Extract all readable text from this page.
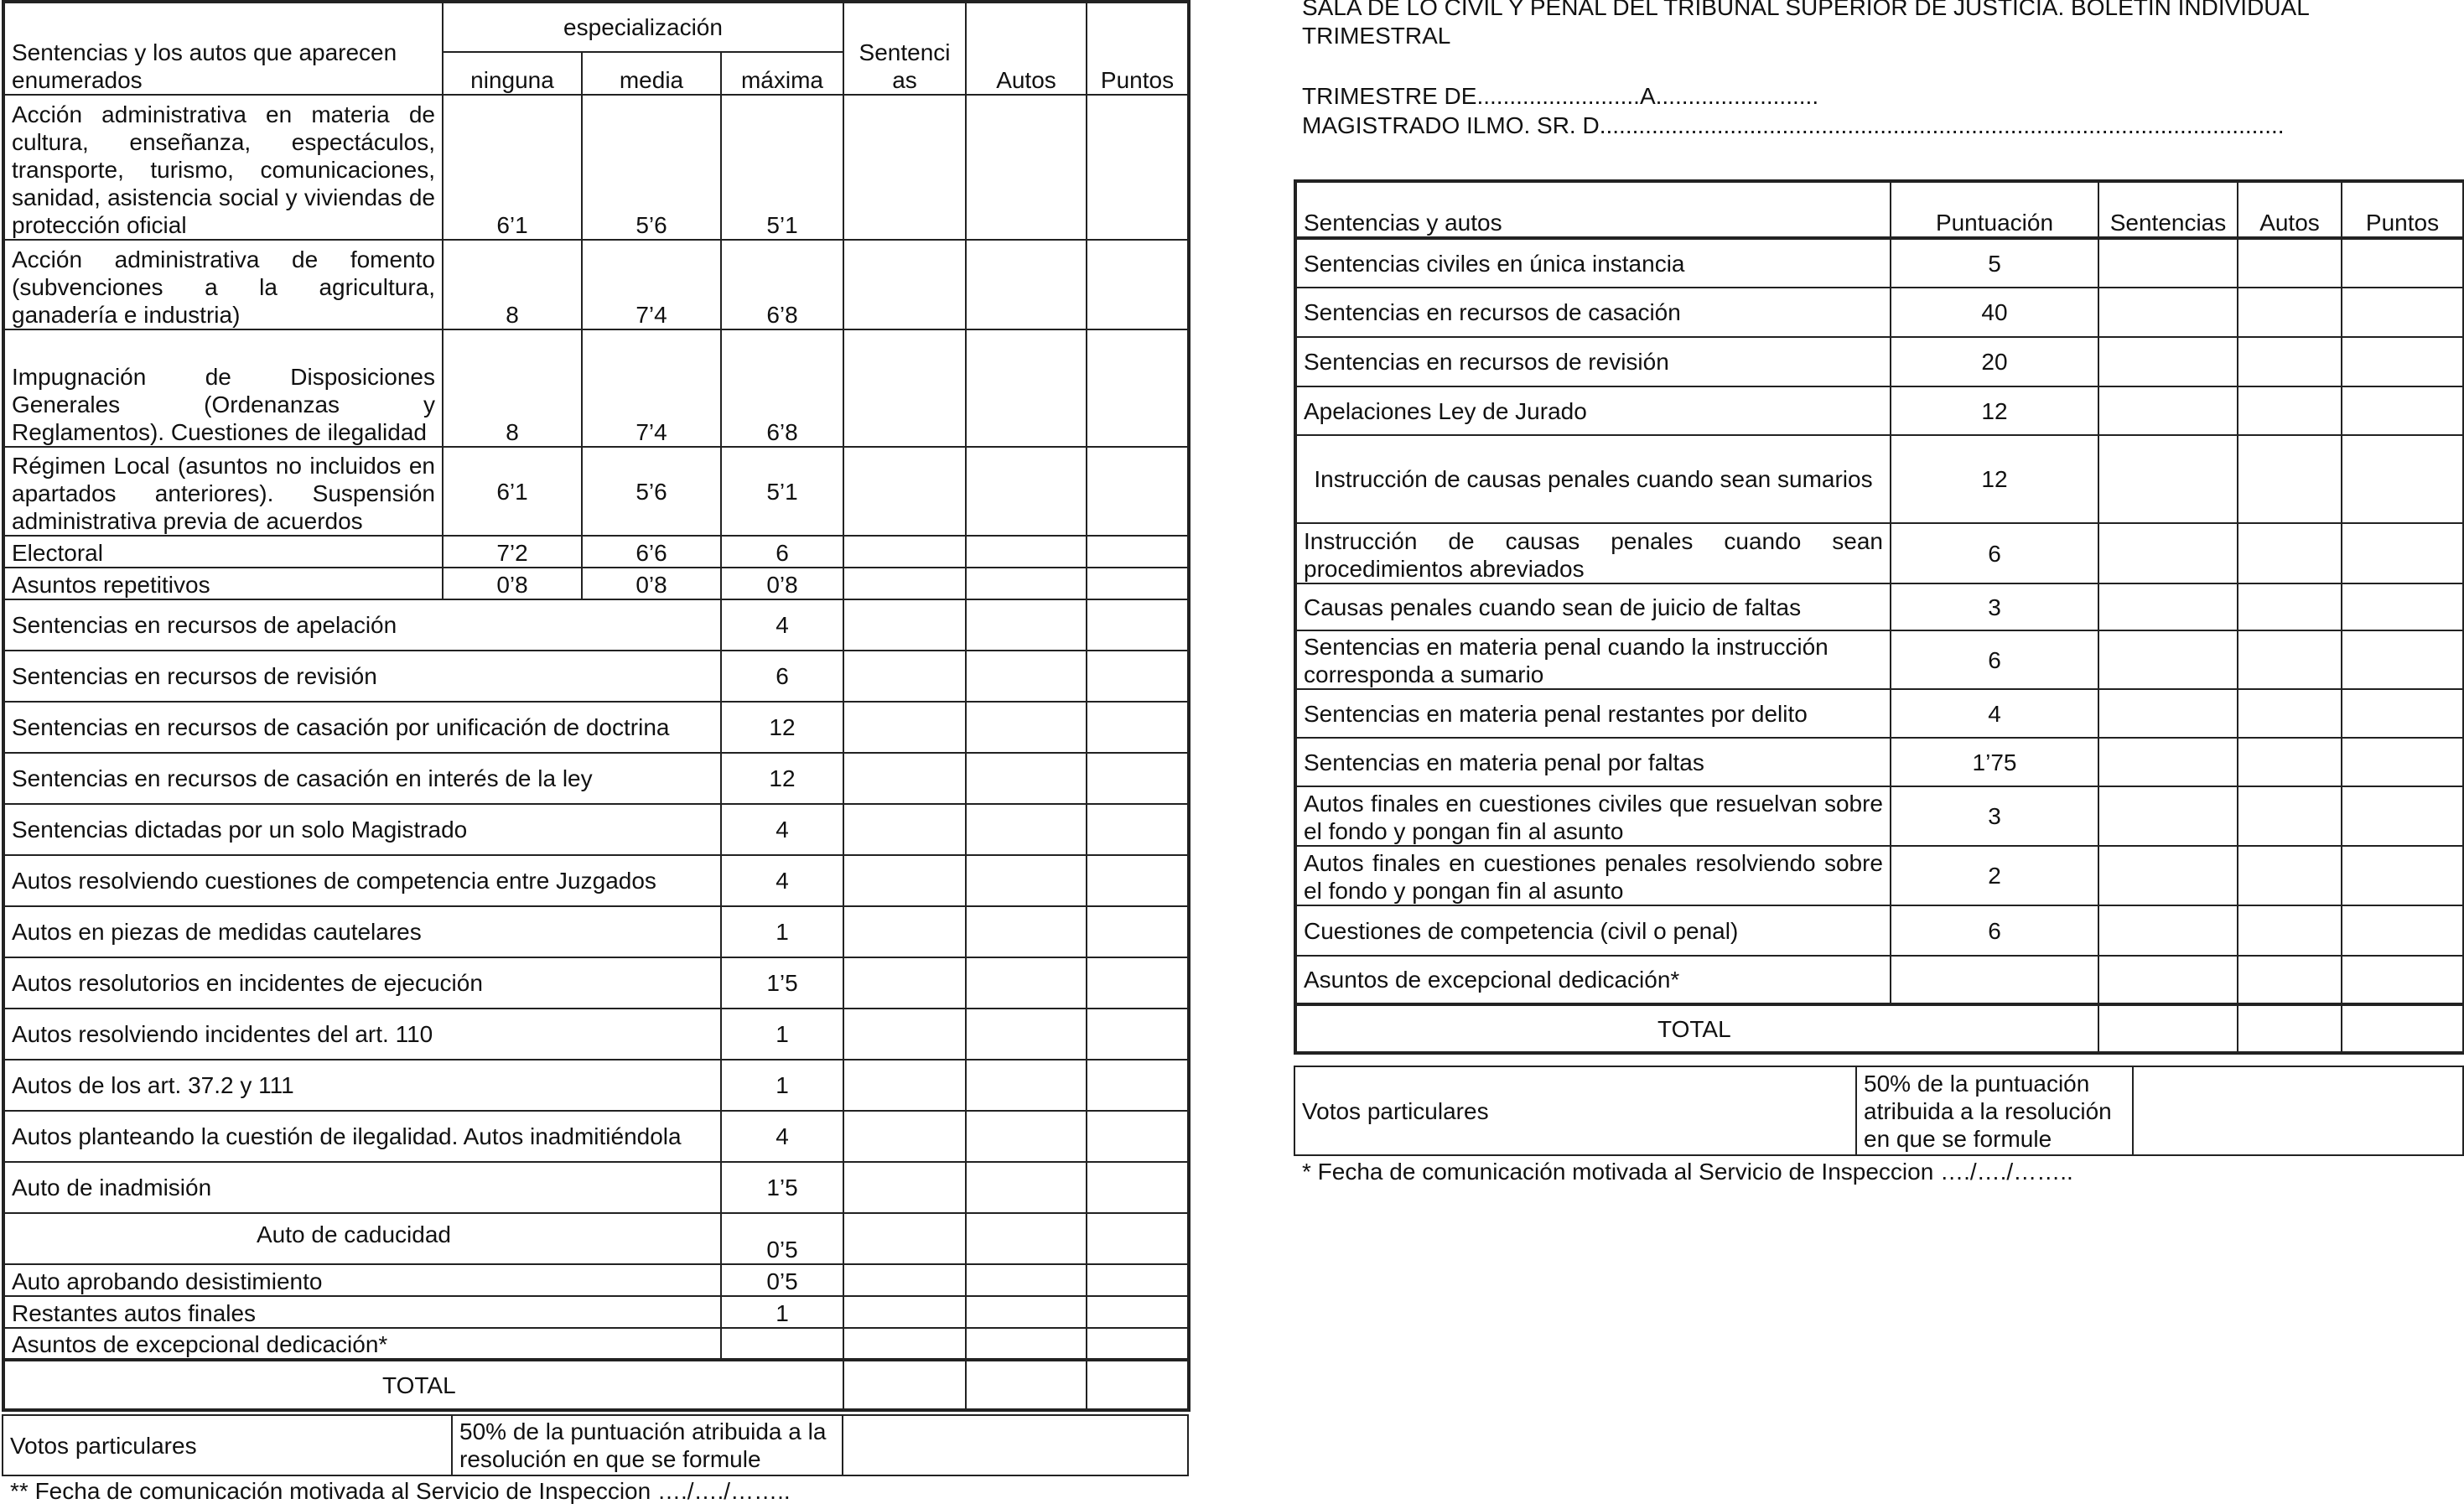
Sentencias y los autos que aparecen enumerados	especialización			Sentenci as	Autos	Puntos
	ninguna	media	máxima			
Acción administrativa en materia de cultura, enseñanza, espectáculos, transporte, turismo, comunicaciones, sanidad, asistencia social y viviendas de protección oficial	6’1	5’6	5’1			
Acción administrativa de fomento (subvenciones a la agricultura, ganadería e industria)	8	7’4	6’8			
Impugnación de Disposiciones Generales (Ordenanzas y Reglamentos). Cuestiones de ilegalidad	8	7’4	6’8			
Régimen Local (asuntos no incluidos en apartados anteriores). Suspensión administrativa previa de acuerdos	6’1	5’6	5’1			
Electoral	7’2	6’6	6			
Asuntos repetitivos	0’8	0’8	0’8			
Sentencias en recursos de apelación			4			
Sentencias en recursos de revisión			6			
Sentencias en recursos de casación por unificación de doctrina			12			
Sentencias en recursos de casación en interés de la ley			12			
Sentencias dictadas por un solo Magistrado			4			
Autos resolviendo cuestiones de competencia entre Juzgados			4			
Autos en piezas de medidas cautelares			1			
Autos resolutorios en incidentes de ejecución			1’5			
Autos resolviendo incidentes del art. 110			1			
Autos de los art. 37.2 y 111			1			
Autos planteando la cuestión de ilegalidad. Autos inadmitiéndola			4			
Auto de inadmisión			1’5			
Auto de caducidad			0’5			
Auto aprobando desistimiento			0’5			
Restantes autos finales			1			
Asuntos de excepcional dedicación*						
TOTAL						
Votos particulares	50% de la puntuación atribuida a la resolución en que se formule	
** Fecha de comunicación motivada al Servicio de Inspeccion …./…./……..
SALA DE LO CIVIL Y PENAL DEL TRIBUNAL SUPERIOR DE JUSTICIA. BOLETIN INDIVIDUAL
TRIMESTRAL
TRIMESTRE DE.........................A.........................
MAGISTRADO ILMO. SR. D.........................................................................................................
Sentencias y autos	Puntuación	Sentencias	Autos	Puntos
Sentencias civiles en única instancia	5			
Sentencias en recursos de casación	40			
Sentencias en recursos de revisión	20			
Apelaciones Ley de Jurado	12			
Instrucción de causas penales cuando sean sumarios	12			
Instrucción de causas penales cuando sean procedimientos abreviados	6			
Causas penales cuando sean de juicio de faltas	3			
Sentencias en materia penal cuando la instrucción corresponda a sumario	6			
Sentencias en materia penal restantes por delito	4			
Sentencias en materia penal por faltas	1’75			
Autos finales en cuestiones civiles que resuelvan sobre el fondo y pongan fin al asunto	3			
Autos finales en cuestiones penales resolviendo sobre el fondo y pongan fin al asunto	2			
Cuestiones de competencia (civil o penal)	6			
Asuntos de excepcional dedicación*				
TOTAL				
Votos particulares	50% de la puntuación atribuida a la resolución en que se formule	
* Fecha de comunicación motivada al Servicio de Inspeccion …./…./……..
